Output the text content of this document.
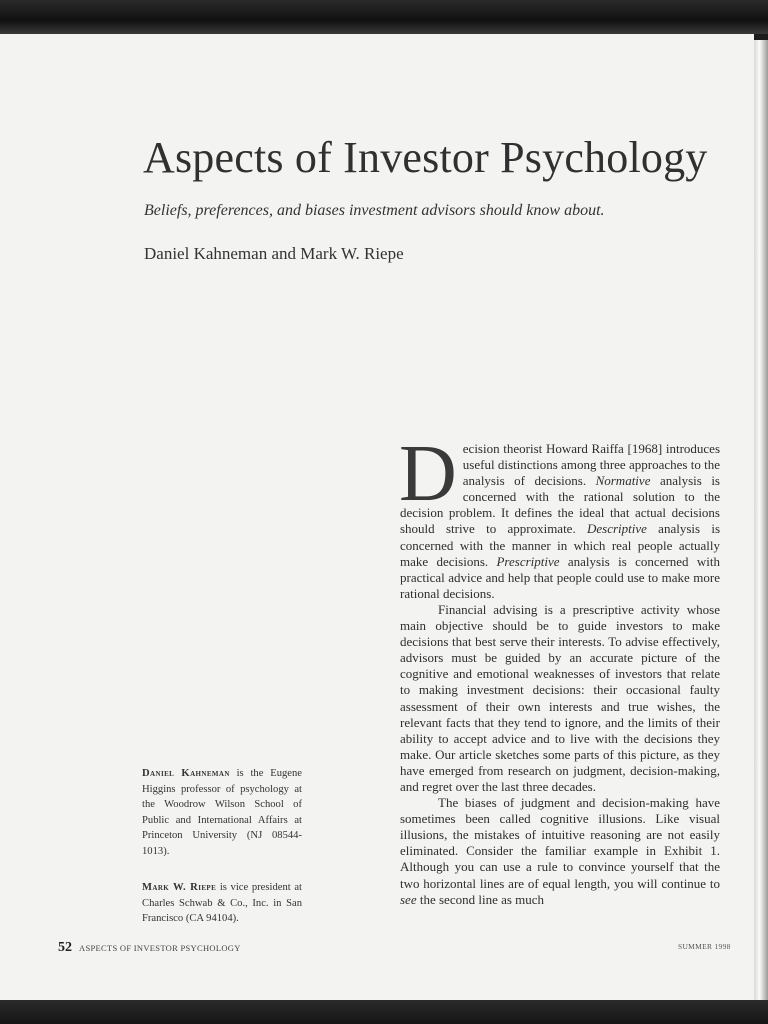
Aspects of Investor Psychology

Beliefs, preferences, and biases investment advisors should know about.

Daniel Kahneman and Mark W. Riepe

D ecision theorist Howard Raiffa [1968] introduces useful distinctions among three approaches to the analysis of decisions. Normative analysis is concerned with the rational solution to the decision problem. It defines the ideal that actual decisions should strive to approximate. Descriptive analysis is concerned with the manner in which real people actually make decisions. Prescriptive analysis is concerned with practical advice and help that people could use to make more rational decisions.

Financial advising is a prescriptive activity whose main objective should be to guide investors to make decisions that best serve their interests. To advise effectively, advisors must be guided by an accurate picture of the cognitive and emotional weaknesses of investors that relate to making investment decisions: their occasional faulty assessment of their own interests and true wishes, the relevant facts that they tend to ignore, and the limits of their ability to accept advice and to live with the decisions they make. Our article sketches some parts of this picture, as they have emerged from research on judgment, decision-making, and regret over the last three decades.

The biases of judgment and decision-making have sometimes been called cognitive illusions. Like visual illusions, the mistakes of intuitive reasoning are not easily eliminated. Consider the familiar example in Exhibit 1. Although you can use a rule to convince yourself that the two horizontal lines are of equal length, you will continue to see the second line as much

Daniel Kahneman is the Eugene Higgins professor of psychology at the Woodrow Wilson School of Public and International Affairs at Princeton University (NJ 08544-1013).
Mark W. Riepe is vice president at Charles Schwab & Co., Inc. in San Francisco (CA 94104).
52 ASPECTS OF INVESTOR PSYCHOLOGY	SUMMER 1998
